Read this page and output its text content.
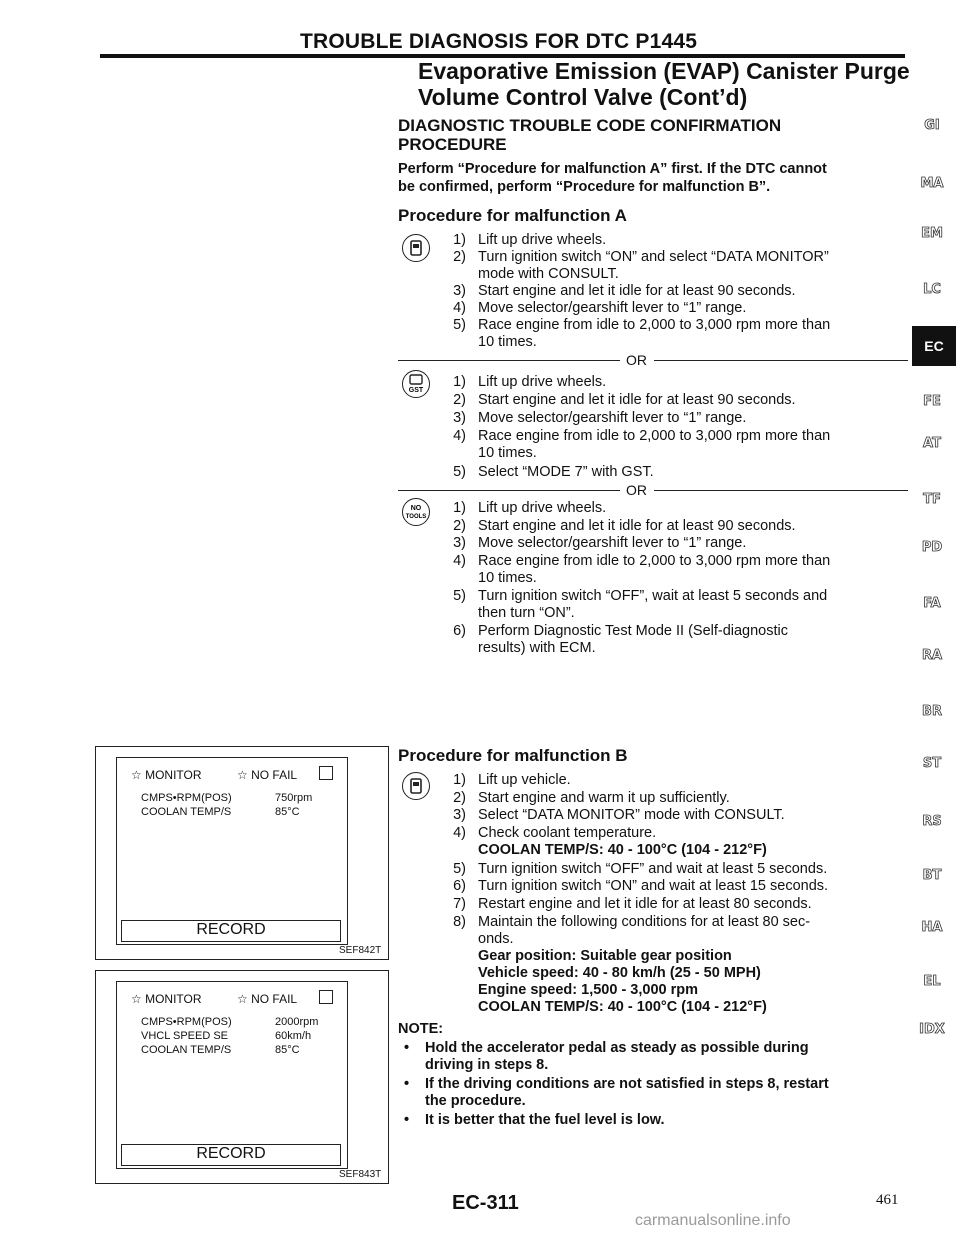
TROUBLE DIAGNOSIS FOR DTC P1445
Evaporative Emission (EVAP) Canister Purge
Volume Control Valve (Cont’d)
DIAGNOSTIC TROUBLE CODE CONFIRMATION
PROCEDURE
Perform “Procedure for malfunction A” first. If the DTC cannot
be confirmed, perform “Procedure for malfunction B”.
Procedure for malfunction A
1) Lift up drive wheels.
2) Turn ignition switch “ON” and select “DATA MONITOR”
mode with CONSULT.
3) Start engine and let it idle for at least 90 seconds.
4) Move selector/gearshift lever to “1” range.
5) Race engine from idle to 2,000 to 3,000 rpm more than
10 times.
OR
GST
1) Lift up drive wheels.
2) Start engine and let it idle for at least 90 seconds.
3) Move selector/gearshift lever to “1” range.
4) Race engine from idle to 2,000 to 3,000 rpm more than
10 times.
5) Select “MODE 7” with GST.
OR
NO
TOOLS
1) Lift up drive wheels.
2) Start engine and let it idle for at least 90 seconds.
3) Move selector/gearshift lever to “1” range.
4) Race engine from idle to 2,000 to 3,000 rpm more than
10 times.
5) Turn ignition switch “OFF”, wait at least 5 seconds and
then turn “ON”.
6) Perform Diagnostic Test Mode II (Self-diagnostic
results) with ECM.
Procedure for malfunction B
1) Lift up vehicle.
2) Start engine and warm it up sufficiently.
3) Select “DATA MONITOR” mode with CONSULT.
4) Check coolant temperature.
COOLAN TEMP/S: 40 - 100°C (104 - 212°F)
5) Turn ignition switch “OFF” and wait at least 5 seconds.
6) Turn ignition switch “ON” and wait at least 15 seconds.
7) Restart engine and let it idle for at least 80 seconds.
8) Maintain the following conditions for at least 80 sec-
onds.
Gear position: Suitable gear position
Vehicle speed: 40 - 80 km/h (25 - 50 MPH)
Engine speed: 1,500 - 3,000 rpm
COOLAN TEMP/S: 40 - 100°C (104 - 212°F)
NOTE:
• Hold the accelerator pedal as steady as possible during
driving in steps 8.
• If the driving conditions are not satisfied in steps 8, restart
the procedure.
• It is better that the fuel level is low.
☆ MONITOR	☆ NO FAIL
CMPS•RPM(POS)	750rpm
COOLAN TEMP/S	85°C
RECORD
SEF842T
☆ MONITOR	☆ NO FAIL
CMPS•RPM(POS)	2000rpm
VHCL SPEED SE	60km/h
COOLAN TEMP/S	85°C
RECORD
SEF843T
GI
MA
EM
LC
FE
AT
TF
PD
FA
RA
BR
ST
RS
BT
HA
EL
IDX
EC
EC-311	461
carmanualsonline.info
